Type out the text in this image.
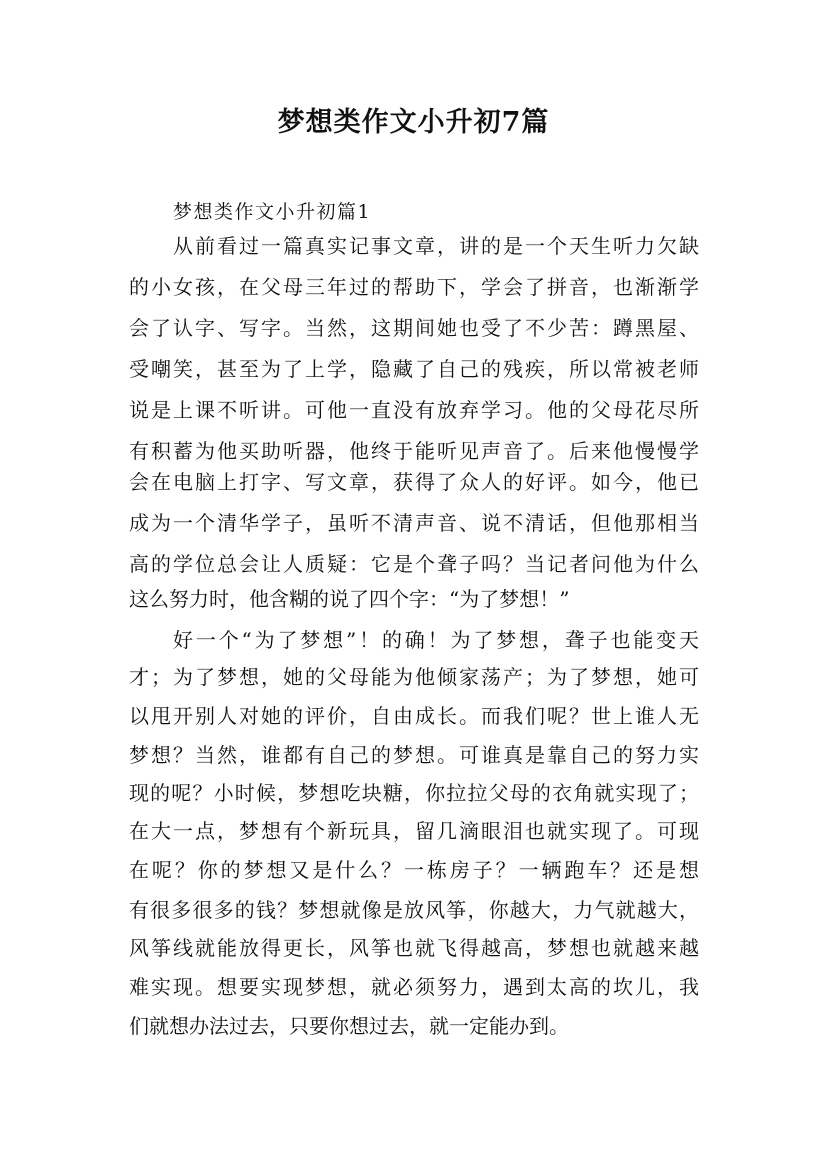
梦想类作文小升初7篇
梦想类作文小升初篇1
从前看过一篇真实记事文章，讲的是一个天生听力欠缺
的小女孩，在父母三年过的帮助下，学会了拼音，也渐渐学
会了认字、写字。当然，这期间她也受了不少苦：蹲黑屋、
受嘲笑，甚至为了上学，隐藏了自己的残疾，所以常被老师
说是上课不听讲。可他一直没有放弃学习。他的父母花尽所
有积蓄为他买助听器，他终于能听见声音了。后来他慢慢学
会在电脑上打字、写文章，获得了众人的好评。如今，他已
成为一个清华学子，虽听不清声音、说不清话，但他那相当
高的学位总会让人质疑：它是个聋子吗？当记者问他为什么
这么努力时，他含糊的说了四个字：“为了梦想！”
好一个“为了梦想”！的确！为了梦想，聋子也能变天
才；为了梦想，她的父母能为他倾家荡产；为了梦想，她可
以甩开别人对她的评价，自由成长。而我们呢？世上谁人无
梦想？当然，谁都有自己的梦想。可谁真是靠自己的努力实
现的呢？小时候，梦想吃块糖，你拉拉父母的衣角就实现了；
在大一点，梦想有个新玩具，留几滴眼泪也就实现了。可现
在呢？你的梦想又是什么？一栋房子？一辆跑车？还是想
有很多很多的钱？梦想就像是放风筝，你越大，力气就越大，
风筝线就能放得更长，风筝也就飞得越高，梦想也就越来越
难实现。想要实现梦想，就必须努力，遇到太高的坎儿，我
们就想办法过去，只要你想过去，就一定能办到。
